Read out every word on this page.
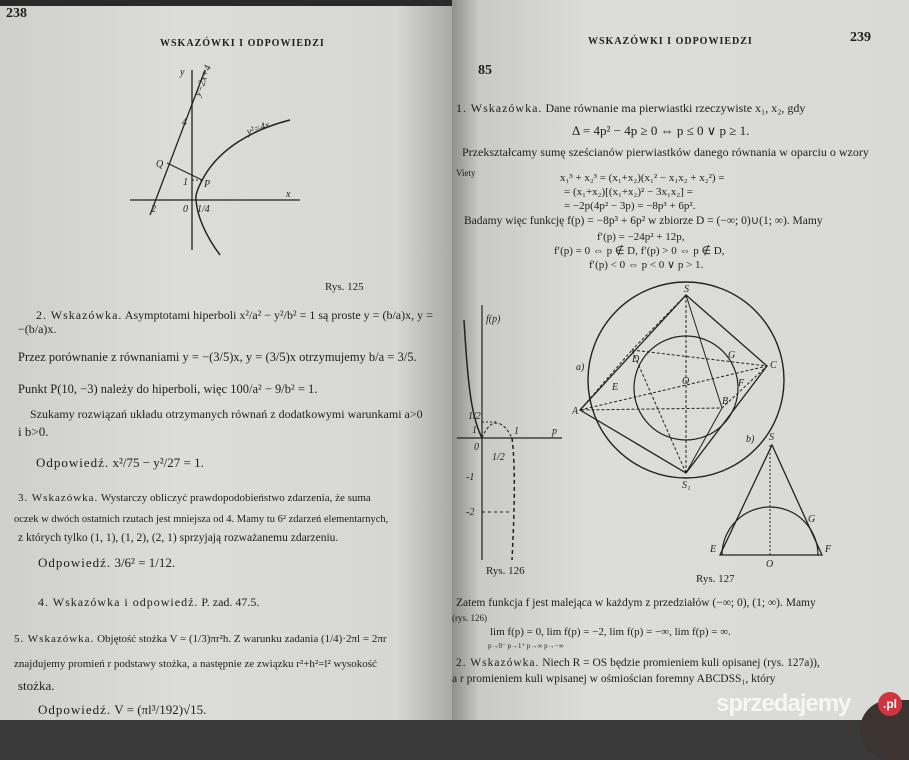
238
WSKAZÓWKI I ODPOWIEDZI
y y=2x+4
y²=4x
x
Q
P
1
4
2	0 1/4
Rys. 125
2. Wskazówka. Asymptotami hiperboli x²/a² − y²/b² = 1 są proste y = (b/a)x, y = −(b/a)x.
Przez porównanie z równaniami y = −(3/5)x, y = (3/5)x otrzymujemy b/a = 3/5.
Punkt P(10, −3) należy do hiperboli, więc 100/a² − 9/b² = 1.
Szukamy rozwiązań układu otrzymanych równań z dodatkowymi warunkami a>0
i b>0.
Odpowiedź. x²/75 − y²/27 = 1.
3. Wskazówka. Wystarczy obliczyć prawdopodobieństwo zdarzenia, że suma
oczek w dwóch ostatnich rzutach jest mniejsza od 4. Mamy tu 6² zdarzeń elementarnych,
z których tylko (1, 1), (1, 2), (2, 1) sprzyjają rozważanemu zdarzeniu.
Odpowiedź. 3/6² = 1/12.
4. Wskazówka i odpowiedź. P. zad. 47.5.
5. Wskazówka. Objętość stożka V = (1/3)πr²h. Z warunku zadania (1/4)·2πl = 2πr
znajdujemy promień r podstawy stożka, a następnie ze związku r²+h²=l² wysokość
stożka.
Odpowiedź. V = (πl³/192)√15.
WSKAZÓWKI I ODPOWIEDZI	239
85
1. Wskazówka. Dane równanie ma pierwiastki rzeczywiste x₁, x₂, gdy
Δ = 4p² − 4p ≥ 0 ⇔ p ≤ 0 ∨ p ≥ 1.
Przekształcamy sumę sześcianów pierwiastków danego równania w oparciu o wzory
Viety	x₁³ + x₂³ = (x₁+x₂)(x₁² − x₁x₂ + x₂²) =
= (x₁+x₂)[(x₁+x₂)² − 3x₁x₂] =
= −2p(4p² − 3p) = −8p³ + 6p².
Badamy więc funkcję f(p) = −8p³ + 6p² w zbiorze D = (−∞; 0)∪(1; ∞). Mamy
f′(p) = −24p² + 12p,
f′(p) = 0 ⇔ p ∉ D, f′(p) > 0 ⇔ p ∉ D,
f′(p) < 0 ⇔ p < 0 ∨ p > 1.
f(p)
p
1/2
1
0
1
1/2
-1
-2
Rys. 126
a)
S
S₁
C
A
B
D
O
G
E	F
b) S
E
O
G
F
Rys. 127
Zatem funkcja f jest malejąca w każdym z przedziałów (−∞; 0), (1; ∞). Mamy
(rys. 126)
lim f(p) = 0, lim f(p) = −2, lim f(p) = −∞, lim f(p) = ∞.
p→0⁻ p→1⁺ p→∞ p→−∞
2. Wskazówka. Niech R = OS będzie promieniem kuli opisanej (rys. 127a)),
a r promieniem kuli wpisanej w ośmiościan foremny ABCDSS₁, który
sprzedajemy	.pl
